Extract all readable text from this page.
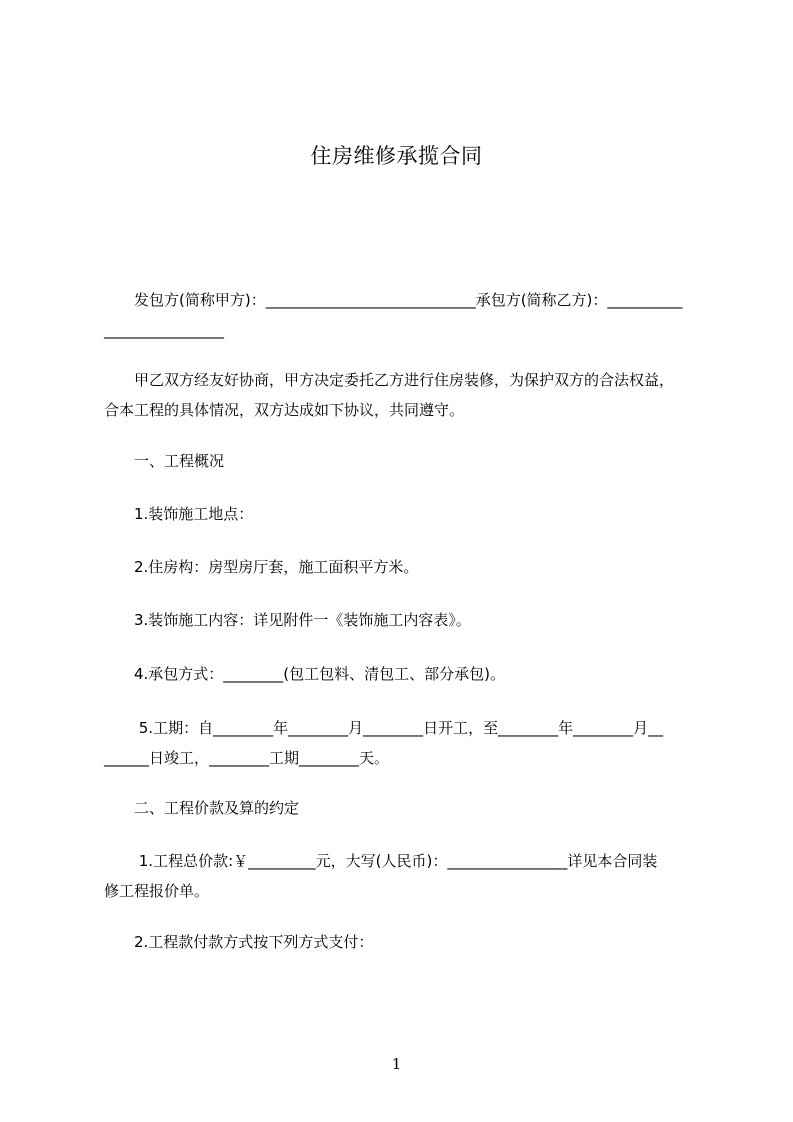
住房维修承揽合同
　　发包方(简称甲方)：____________________________承包方(简称乙方)：__________
________________
　　甲乙双方经友好协商，甲方决定委托乙方进行住房装修，为保护双方的合法权益，
合本工程的具体情况，双方达成如下协议，共同遵守。
　　一、工程概况
　　1.装饰施工地点：
　　2.住房构：房型房厅套，施工面积平方米。
　　3.装饰施工内容：详见附件一《装饰施工内容表》。
　　4.承包方式：________(包工包料、清包工、部分承包)。
　　 5.工期：自________年________月________日开工，至________年________月__
______日竣工，________工期________天。
　　二、工程价款及算的约定
　　 1.工程总价款:￥_________元，大写(人民币)：________________详见本合同装
修工程报价单。
　　2.工程款付款方式按下列方式支付：
1
